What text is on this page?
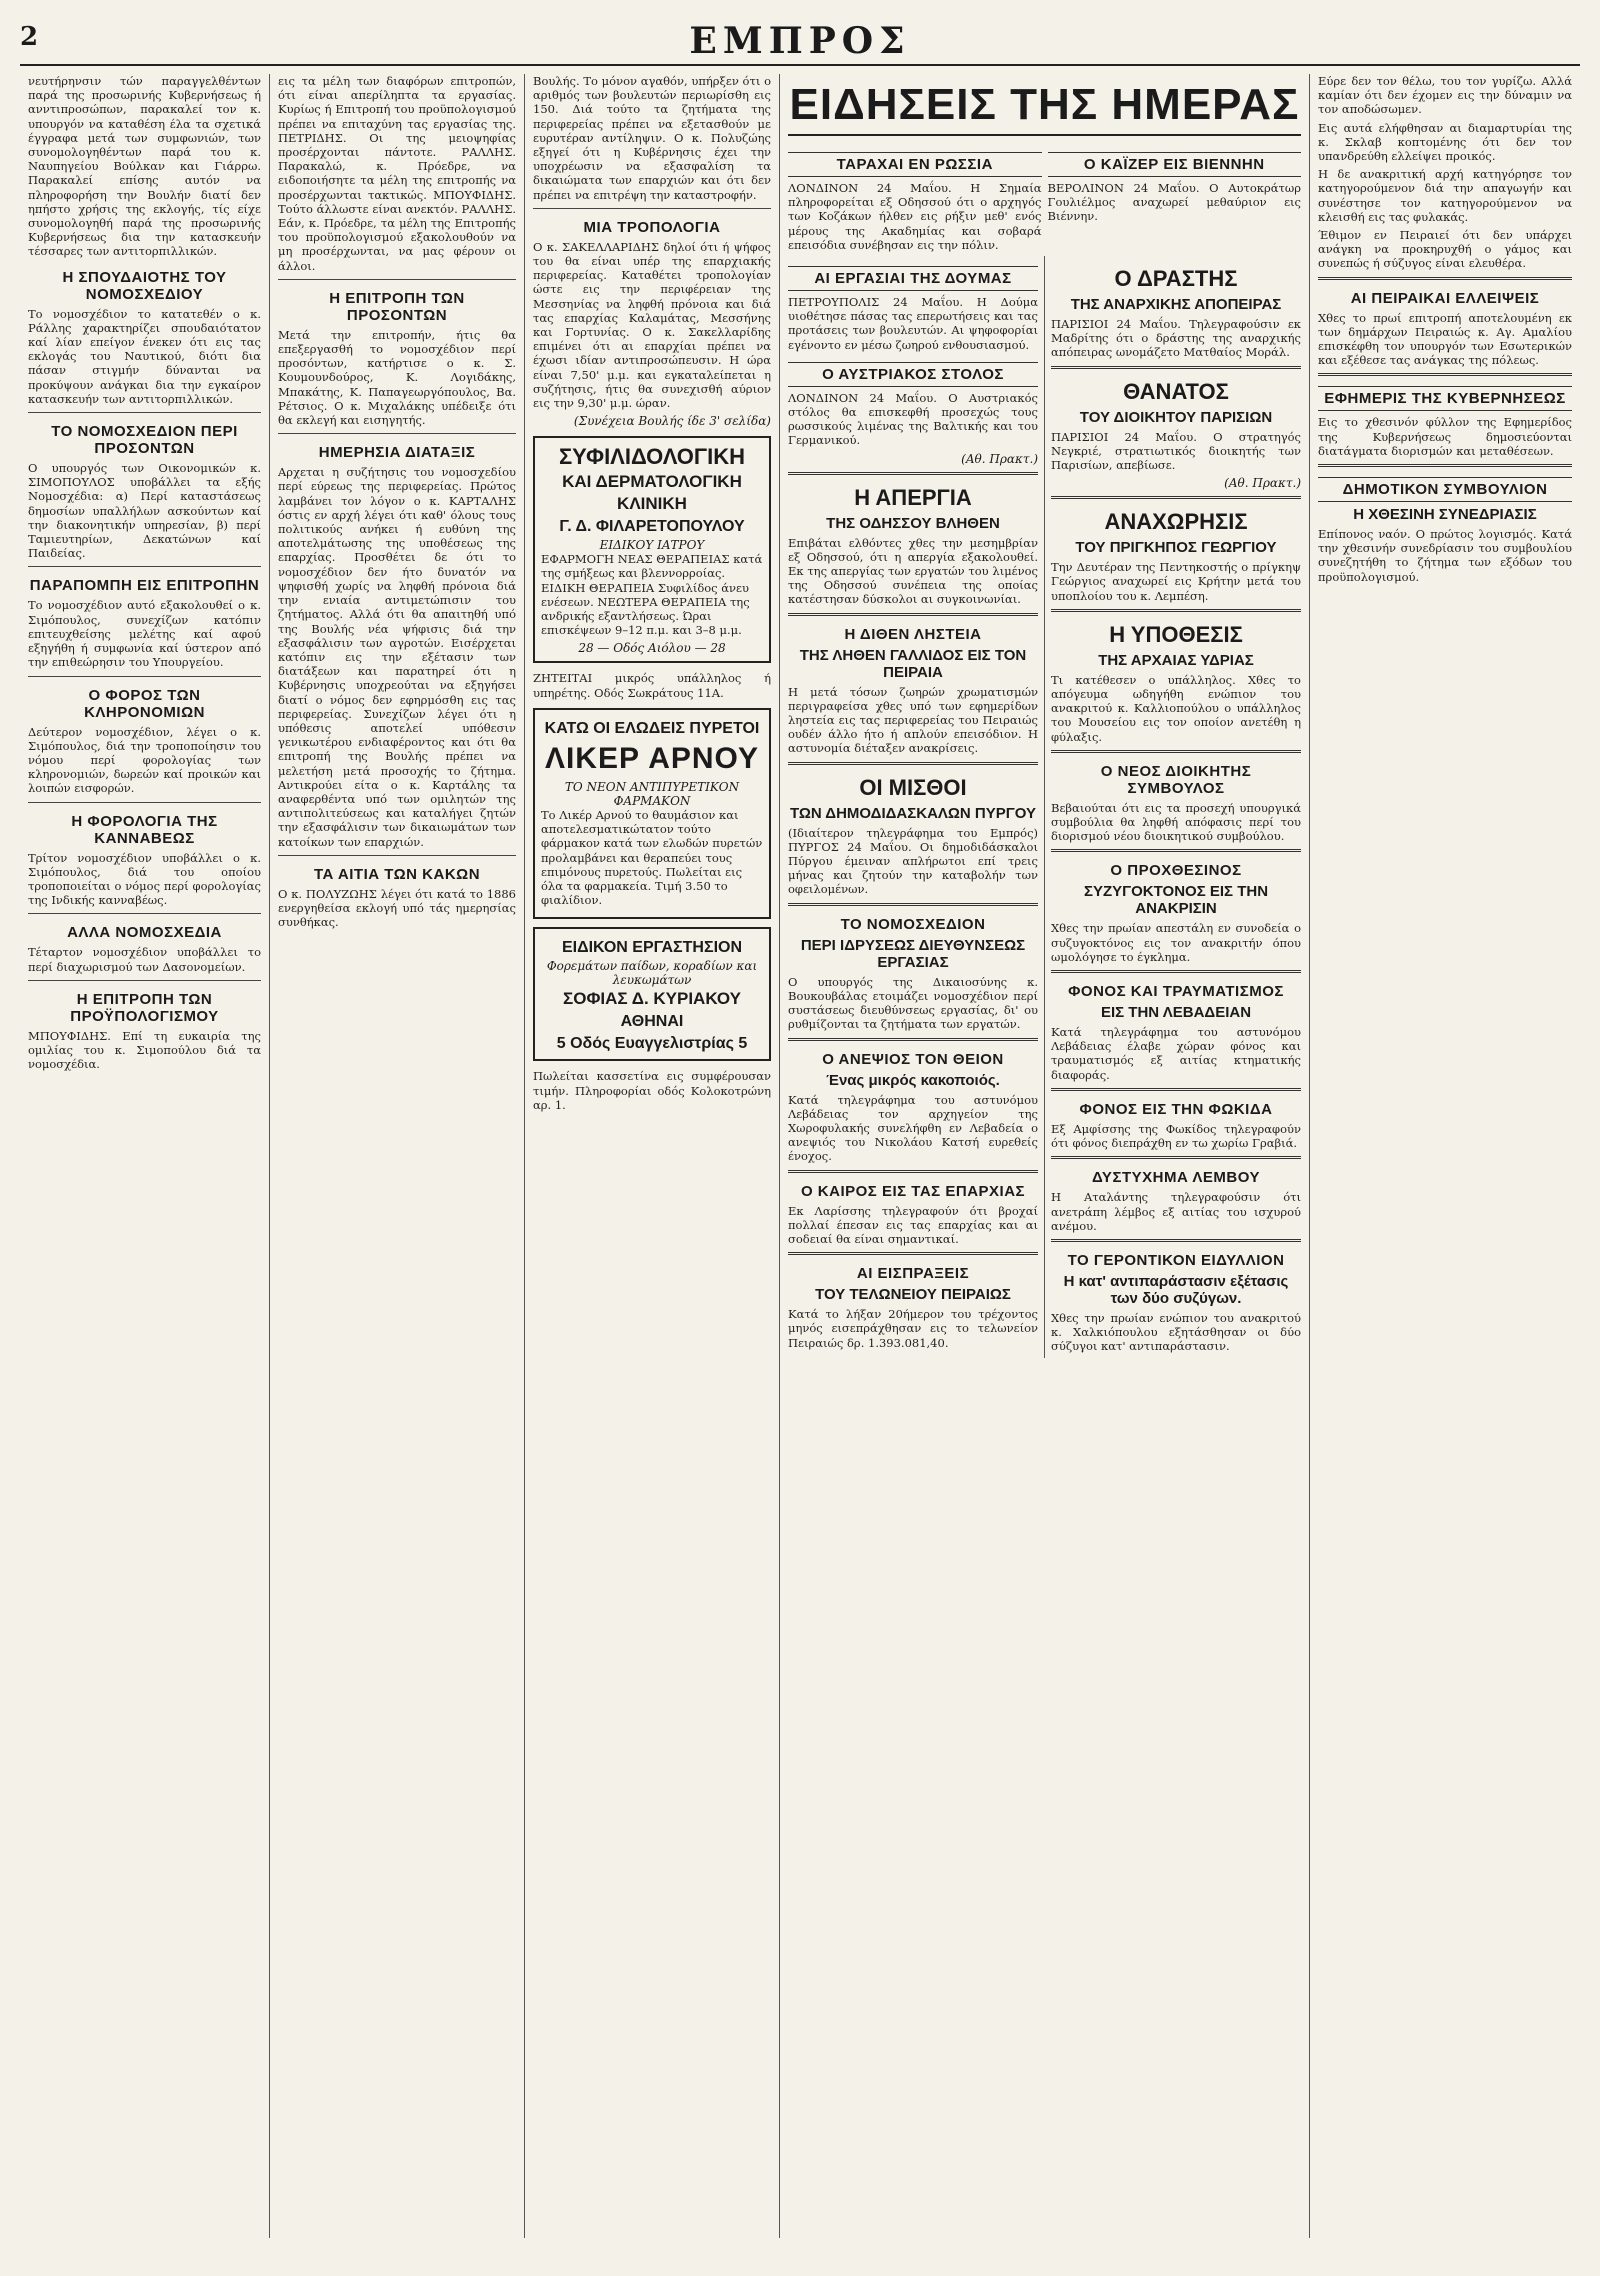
2	ΕΜΠΡΟΣ

νευτήρηνσιν τών παραγγελθέντων παρά της προσωρινής Κυβερνήσεως ή ανντιπροσώπων, παρακαλεί τον κ. υπουργόν να καταθέση έλα τα σχετικά έγγραφα μετά των συμφωνιών, των συνομολογηθέντων παρά του κ. Ναυπηγείου Βούλκαν και Γιάρρω. Παρακαλεί επίσης αυτόν να πληροφορήση την Βουλήν διατί δεν ηπήστο χρήσις της εκλογής, τίς είχε συνομολογηθή παρά της προσωρινής Κυβερνήσεως δια την κατασκευήν τέσσαρες των αντιτορπιλλικών.

Η ΣΠΟΥΔΑΙΟΤΗΣ ΤΟΥ ΝΟΜΟΣΧΕΔΙΟΥ

Το νομοσχέδιον το κατατεθέν ο κ. Ράλλης χαρακτηρίζει σπουδαιότατον καί λίαν επείγον ένεκεν ότι εις τας εκλογάς του Ναυτικού, διότι δια πάσαν στιγμήν δύνανται να προκύψουν ανάγκαι δια την εγκαίρον κατασκευήν των αντιτορπιλλικών.

ΤΟ ΝΟΜΟΣΧΕΔΙΟΝ ΠΕΡΙ ΠΡΟΣΟΝΤΩΝ

Ο υπουργός των Οικονομικών κ. ΣΙΜΟΠΟΥΛΟΣ υποβάλλει τα εξής Νομοσχέδια: α) Περί καταστάσεως δημοσίων υπαλλήλων ασκούντων καί την διακονητικήν υπηρεσίαν, β) περί Ταμιευτηρίων, Δεκατώνων καί Παιδείας.

ΠΑΡΑΠΟΜΠΗ ΕΙΣ ΕΠΙΤΡΟΠΗΝ

Το νομοσχέδιον αυτό εξακολουθεί ο κ. Σιμόπουλος, συνεχίζων κατόπιν επιτευχθείσης μελέτης καί αφού εξηγήθη ή συμφωνία καί ύστερον από την επιθεώρησιν του Υπουργείου.

Ο ΦΟΡΟΣ ΤΩΝ ΚΛΗΡΟΝΟΜΙΩΝ

Δεύτερον νομοσχέδιον, λέγει ο κ. Σιμόπουλος, διά την τροποποίησιν του νόμου περί φορολογίας των κληρονομιών, δωρεών καί προικών και λοιπών εισφορών.

Η ΦΟΡΟΛΟΓΙΑ ΤΗΣ ΚΑΝΝΑΒΕΩΣ

Τρίτον νομοσχέδιον υποβάλλει ο κ. Σιμόπουλος, διά του οποίου τροποποιείται ο νόμος περί φορολογίας της Ινδικής κανναβέως.

ΑΛΛΑ ΝΟΜΟΣΧΕΔΙΑ

Τέταρτον νομοσχέδιον υποβάλλει το περί διαχωρισμού των Δασονομείων.

Η ΕΠΙΤΡΟΠΗ ΤΩΝ ΠΡΟΫΠΟΛΟΓΙΣΜΟΥ

ΜΠΟΥΦΙΔΗΣ. Επί τη ευκαιρία της ομιλίας του κ. Σιμοπούλου διά τα νομοσχέδια.

εις τα μέλη των διαφόρων επιτροπών, ότι είναι απερίληπτα τα εργασίας. Κυρίως ή Επιτροπή του προϋπολογισμού πρέπει να επιταχύνη τας εργασίας της. ΠΕΤΡΙΔΗΣ. Οι της μειοψηφίας προσέρχονται πάντοτε. ΡΑΛΛΗΣ. Παρακαλώ, κ. Πρόεδρε, να ειδοποιήσητε τα μέλη της επιτροπής να προσέρχωνται τακτικώς. ΜΠΟΥΦΙΔΗΣ. Τούτο άλλωστε είναι ανεκτόν. ΡΑΛΛΗΣ. Εάν, κ. Πρόεδρε, τα μέλη της Επιτροπής του προϋπολογισμού εξακολουθούν να μη προσέρχωνται, να μας φέρουν οι άλλοι.

Η ΕΠΙΤΡΟΠΗ ΤΩΝ ΠΡΟΣΟΝΤΩΝ

Μετά την επιτροπήν, ήτις θα επεξεργασθή το νομοσχέδιον περί προσόντων, κατήρτισε ο κ. Σ. Κουμουνδούρος, Κ. Λογιδάκης, Μπακάτης, Κ. Παπαγεωργόπουλος, Βα. Ρέτσιος. Ο κ. Μιχαλάκης υπέδειξε ότι θα εκλεγή και εισηγητής.

ΗΜΕΡΗΣΙΑ ΔΙΑΤΑΞΙΣ

Αρχεται η συζήτησις του νομοσχεδίου περί εύρεως της περιφερείας. Πρώτος λαμβάνει τον λόγον ο κ. ΚΑΡΤΑΛΗΣ όστις εν αρχή λέγει ότι καθ' όλους τους πολιτικούς ανήκει ή ευθύνη της αποτελμάτωσης της υποθέσεως της επαρχίας. Προσθέτει δε ότι το νομοσχέδιον δεν ήτο δυνατόν να ψηφισθή χωρίς να ληφθή πρόνοια διά την ενιαία αντιμετώπισιν του ζητήματος. Αλλά ότι θα απαιτηθή υπό της Βουλής νέα ψήφισις διά την εξασφάλισιν των αγροτών. Εισέρχεται κατόπιν εις την εξέτασιν των διατάξεων και παρατηρεί ότι η Κυβέρνησις υποχρεούται να εξηγήσει διατί ο νόμος δεν εφηρμόσθη εις τας περιφερείας. Συνεχίζων λέγει ότι η υπόθεσις αποτελεί υπόθεσιν γενικωτέρου ενδιαφέροντος και ότι θα επιτροπή της Βουλής πρέπει να μελετήση μετά προσοχής το ζήτημα. Αντικρούει είτα ο κ. Καρτάλης τα αναφερθέντα υπό των ομιλητών της αντιπολιτεύσεως και καταλήγει ζητών την εξασφάλισιν των δικαιωμάτων των κατοίκων των επαρχιών.

ΤΑ ΑΙΤΙΑ ΤΩΝ ΚΑΚΩΝ

Ο κ. ΠΟΛΥΖΩΗΣ λέγει ότι κατά το 1886 ενεργηθείσα εκλογή υπό τάς ημερησίας συνθήκας.

Βουλής. Το μόνον αγαθόν, υπήρξεν ότι ο αριθμός των βουλευτών περιωρίσθη εις 150. Διά τούτο τα ζητήματα της περιφερείας πρέπει να εξετασθούν με ευρυτέραν αντίληψιν. Ο κ. Πολυζώης εξηγεί ότι η Κυβέρνησις έχει την υποχρέωσιν να εξασφαλίση τα δικαιώματα των επαρχιών και ότι δεν πρέπει να επιτρέψη την καταστροφήν.

ΜΙΑ ΤΡΟΠΟΛΟΓΙΑ

Ο κ. ΣΑΚΕΛΛΑΡΙΔΗΣ δηλοί ότι ή ψήφος του θα είναι υπέρ της επαρχιακής περιφερείας. Καταθέτει τροπολογίαν ώστε εις την περιφέρειαν της Μεσσηνίας να ληφθή πρόνοια και διά τας επαρχίας Καλαμάτας, Μεσσήνης και Γορτυνίας. Ο κ. Σακελλαρίδης επιμένει ότι αι επαρχίαι πρέπει να έχωσι ιδίαν αντιπροσώπευσιν. Η ώρα είναι 7,50' μ.μ. και εγκαταλείπεται η συζήτησις, ήτις θα συνεχισθή αύριον εις την 9,30' μ.μ. ώραν.

(Συνέχεια Βουλής ίδε 3' σελίδα)
ΣΥΦΙΛΙΔΟΛΟΓΙΚΗ
ΚΑΙ ΔΕΡΜΑΤΟΛΟΓΙΚΗ
ΚΛΙΝΙΚΗ
Γ. Δ. ΦΙΛΑΡΕΤΟΠΟΥΛΟΥ
ΕΙΔΙΚΟΥ ΙΑΤΡΟΥ

ΕΦΑΡΜΟΓΗ ΝΕΑΣ ΘΕΡΑΠΕΙΑΣ κατά της σμήξεως και βλεννορροίας. ΕΙΔΙΚΗ ΘΕΡΑΠΕΙΑ Συφιλίδος άνευ ενέσεων. ΝΕΩΤΕΡΑ ΘΕΡΑΠΕΙΑ της ανδρικής εξαντλήσεως. Ώραι επισκέψεων 9–12 π.μ. και 3–8 μ.μ.

28 — Οδός Αιόλου — 28

ΖΗΤΕΙΤΑΙ μικρός υπάλληλος ή υπηρέτης. Οδός Σωκράτους 11Α.

ΚΑΤΩ ΟΙ ΕΛΩΔΕΙΣ ΠΥΡΕΤΟΙ
ΛΙΚΕΡ ΑΡΝΟΥ
ΤΟ ΝΕΟΝ ΑΝΤΙΠΥΡΕΤΙΚΟΝ ΦΑΡΜΑΚΟΝ

Το Λικέρ Αρνού το θαυμάσιον και αποτελεσματικώτατον τούτο φάρμακον κατά των ελωδών πυρετών προλαμβάνει και θεραπεύει τους επιμόνους πυρετούς. Πωλείται εις όλα τα φαρμακεία. Τιμή 3.50 το φιαλίδιον.

ΕΙΔΙΚΟΝ ΕΡΓΑΣΤΗΣΙΟΝ
Φορεμάτων παίδων, κοραδίων και λευκωμάτων
ΣΟΦΙΑΣ Δ. ΚΥΡΙΑΚΟΥ
ΑΘΗΝΑΙ
5 Οδός Ευαγγελιστρίας 5

Πωλείται κασσετίνα εις συμφέρουσαν τιμήν. Πληροφορίαι οδός Κολοκοτρώνη αρ. 1.

ΕΙΔΗΣΕΙΣ ΤΗΣ ΗΜΕΡΑΣ
ΤΑΡΑΧΑΙ ΕΝ ΡΩΣΣΙΑ

ΛΟΝΔΙΝΟΝ 24 Μαΐου. Η Σημαία πληροφορείται εξ Οδησσού ότι ο αρχηγός των Κοζάκων ήλθεν εις ρήξιν μεθ' ενός μέρους της Ακαδημίας και σοβαρά επεισόδια συνέβησαν εις την πόλιν.

Ο ΚΑΪΖΕΡ ΕΙΣ ΒΙΕΝΝΗΝ

ΒΕΡΟΛΙΝΟΝ 24 Μαΐου. Ο Αυτοκράτωρ Γουλιέλμος αναχωρεί μεθαύριον εις Βιέννην.

ΑΙ ΕΡΓΑΣΙΑΙ ΤΗΣ ΔΟΥΜΑΣ

ΠΕΤΡΟΥΠΟΛΙΣ 24 Μαΐου. Η Δούμα υιοθέτησε πάσας τας επερωτήσεις και τας προτάσεις των βουλευτών. Αι ψηφοφορίαι εγένοντο εν μέσω ζωηρού ενθουσιασμού.

Ο ΑΥΣΤΡΙΑΚΟΣ ΣΤΟΛΟΣ

ΛΟΝΔΙΝΟΝ 24 Μαΐου. Ο Αυστριακός στόλος θα επισκεφθή προσεχώς τους ρωσσικούς λιμένας της Βαλτικής και του Γερμανικού.

(Αθ. Πρακτ.)
Η ΑΠΕΡΓΙΑ
ΤΗΣ ΟΔΗΣΣΟΥ ΒΛΗΘΕΝ

Επιβάται ελθόντες χθες την μεσημβρίαν εξ Οδησσού, ότι η απεργία εξακολουθεί. Εκ της απεργίας των εργατών του λιμένος της Οδησσού συνέπεια της οποίας κατέστησαν δύσκολοι αι συγκοινωνίαι.

Η ΔΙΘΕΝ ΛΗΣΤΕΙΑ
ΤΗΣ ΛΗΘΕΝ ΓΑΛΛΙΔΟΣ ΕΙΣ ΤΟΝ ΠΕΙΡΑΙΑ

Η μετά τόσων ζωηρών χρωματισμών περιγραφείσα χθες υπό των εφημερίδων ληστεία εις τας περιφερείας του Πειραιώς ουδέν άλλο ήτο ή απλούν επεισόδιον. Η αστυνομία διέταξεν ανακρίσεις.

ΟΙ ΜΙΣΘΟΙ
ΤΩΝ ΔΗΜΟΔΙΔΑΣΚΑΛΩΝ ΠΥΡΓΟΥ

(Ιδιαίτερον τηλεγράφημα του Εμπρός) ΠΥΡΓΟΣ 24 Μαΐου. Οι δημοδιδάσκαλοι Πύργου έμειναν απλήρωτοι επί τρεις μήνας και ζητούν την καταβολήν των οφειλομένων.

ΤΟ ΝΟΜΟΣΧΕΔΙΟΝ
ΠΕΡΙ ΙΔΡΥΣΕΩΣ ΔΙΕΥΘΥΝΣΕΩΣ ΕΡΓΑΣΙΑΣ

Ο υπουργός της Δικαιοσύνης κ. Βουκουβάλας ετοιμάζει νομοσχέδιον περί συστάσεως διευθύνσεως εργασίας, δι' ου ρυθμίζονται τα ζητήματα των εργατών.

Ο ΑΝΕΨΙΟΣ ΤΟΝ ΘΕΙΟΝ
Ένας μικρός κακοποιός.

Κατά τηλεγράφημα του αστυνόμου Λεβάδειας τον αρχηγείον της Χωροφυλακής συνελήφθη εν Λεβαδεία ο ανεψιός του Νικολάου Κατσή ευρεθείς ένοχος.

Ο ΚΑΙΡΟΣ ΕΙΣ ΤΑΣ ΕΠΑΡΧΙΑΣ

Εκ Λαρίσσης τηλεγραφούν ότι βροχαί πολλαί έπεσαν εις τας επαρχίας και αι σοδειαί θα είναι σημαντικαί.

ΑΙ ΕΙΣΠΡΑΞΕΙΣ
ΤΟΥ ΤΕΛΩΝΕΙΟΥ ΠΕΙΡΑΙΩΣ

Κατά το λήξαν 20ήμερον του τρέχοντος μηνός εισεπράχθησαν εις το τελωνείον Πειραιώς δρ. 1.393.081,40.

Ο ΔΡΑΣΤΗΣ
ΤΗΣ ΑΝΑΡΧΙΚΗΣ ΑΠΟΠΕΙΡΑΣ

ΠΑΡΙΣΙΟΙ 24 Μαΐου. Τηλεγραφούσιν εκ Μαδρίτης ότι ο δράστης της αναρχικής απόπειρας ωνομάζετο Ματθαίος Μοράλ.

ΘΑΝΑΤΟΣ
ΤΟΥ ΔΙΟΙΚΗΤΟΥ ΠΑΡΙΣΙΩΝ

ΠΑΡΙΣΙΟΙ 24 Μαΐου. Ο στρατηγός Νεγκριέ, στρατιωτικός διοικητής των Παρισίων, απεβίωσε.

(Αθ. Πρακτ.)
ΑΝΑΧΩΡΗΣΙΣ
ΤΟΥ ΠΡΙΓΚΗΠΟΣ ΓΕΩΡΓΙΟΥ

Την Δευτέραν της Πεντηκοστής ο πρίγκηψ Γεώργιος αναχωρεί εις Κρήτην μετά του υποπλοίου του κ. Λεμπέση.

Η ΥΠΟΘΕΣΙΣ
ΤΗΣ ΑΡΧΑΙΑΣ ΥΔΡΙΑΣ

Τι κατέθεσεν ο υπάλληλος. Χθες το απόγευμα ωδηγήθη ενώπιον του ανακριτού κ. Καλλιοπούλου ο υπάλληλος του Μουσείου εις τον οποίον ανετέθη η φύλαξις.

Ο ΝΕΟΣ ΔΙΟΙΚΗΤΗΣ ΣΥΜΒΟΥΛΟΣ

Βεβαιούται ότι εις τα προσεχή υπουργικά συμβούλια θα ληφθή απόφασις περί του διορισμού νέου διοικητικού συμβούλου.

Ο ΠΡΟΧΘΕΣΙΝΟΣ
ΣΥΖΥΓΟΚΤΟΝΟΣ ΕΙΣ ΤΗΝ ΑΝΑΚΡΙΣΙΝ

Χθες την πρωίαν απεστάλη εν συνοδεία ο συζυγοκτόνος εις τον ανακριτήν όπου ωμολόγησε το έγκλημα.

ΦΟΝΟΣ ΚΑΙ ΤΡΑΥΜΑΤΙΣΜΟΣ
ΕΙΣ ΤΗΝ ΛΕΒΑΔΕΙΑΝ

Κατά τηλεγράφημα του αστυνόμου Λεβάδειας έλαβε χώραν φόνος και τραυματισμός εξ αιτίας κτηματικής διαφοράς.

ΦΟΝΟΣ ΕΙΣ ΤΗΝ ΦΩΚΙΔΑ

Εξ Αμφίσσης της Φωκίδος τηλεγραφούν ότι φόνος διεπράχθη εν τω χωρίω Γραβιά.

ΔΥΣΤΥΧΗΜΑ ΛΕΜΒΟΥ

Η Αταλάντης τηλεγραφούσιν ότι ανετράπη λέμβος εξ αιτίας του ισχυρού ανέμου.

ΤΟ ΓΕΡΟΝΤΙΚΟΝ ΕΙΔΥΛΛΙΟΝ
Η κατ' αντιπαράστασιν εξέτασις των δύο συζύγων.

Χθες την πρωίαν ενώπιον του ανακριτού κ. Χαλκιόπουλου εξητάσθησαν οι δύο σύζυγοι κατ' αντιπαράστασιν.

Εύρε δεν τον θέλω, του τον γυρίζω. Αλλά καμίαν ότι δεν έχομεν εις την δύναμιν να τον αποδώσωμεν.

Εις αυτά ελήφθησαν αι διαμαρτυρίαι της κ. Σκλαβ κοπτομένης ότι δεν τον υπανδρεύθη ελλείψει προικός.

Η δε ανακριτική αρχή κατηγόρησε τον κατηγορούμενον διά την απαγωγήν και συνέστησε τον κατηγορούμενον να κλεισθή εις τας φυλακάς.

Έθιμον εν Πειραιεί ότι δεν υπάρχει ανάγκη να προκηρυχθή ο γάμος και συνεπώς ή σύζυγος είναι ελευθέρα.

ΑΙ ΠΕΙΡΑΙΚΑΙ ΕΛΛΕΙΨΕΙΣ

Χθες το πρωί επιτροπή αποτελουμένη εκ των δημάρχων Πειραιώς κ. Αγ. Αμαλίου επισκέφθη τον υπουργόν των Εσωτερικών και εξέθεσε τας ανάγκας της πόλεως.

ΕΦΗΜΕΡΙΣ ΤΗΣ ΚΥΒΕΡΝΗΣΕΩΣ

Εις το χθεσινόν φύλλον της Εφημερίδος της Κυβερνήσεως δημοσιεύονται διατάγματα διορισμών και μεταθέσεων.

ΔΗΜΟΤΙΚΟΝ ΣΥΜΒΟΥΛΙΟΝ
Η ΧΘΕΣΙΝΗ ΣΥΝΕΔΡΙΑΣΙΣ

Επίπονος ναόν. Ο πρώτος λογισμός. Κατά την χθεσινήν συνεδρίασιν του συμβουλίου συνεζητήθη το ζήτημα των εξόδων του προϋπολογισμού.
